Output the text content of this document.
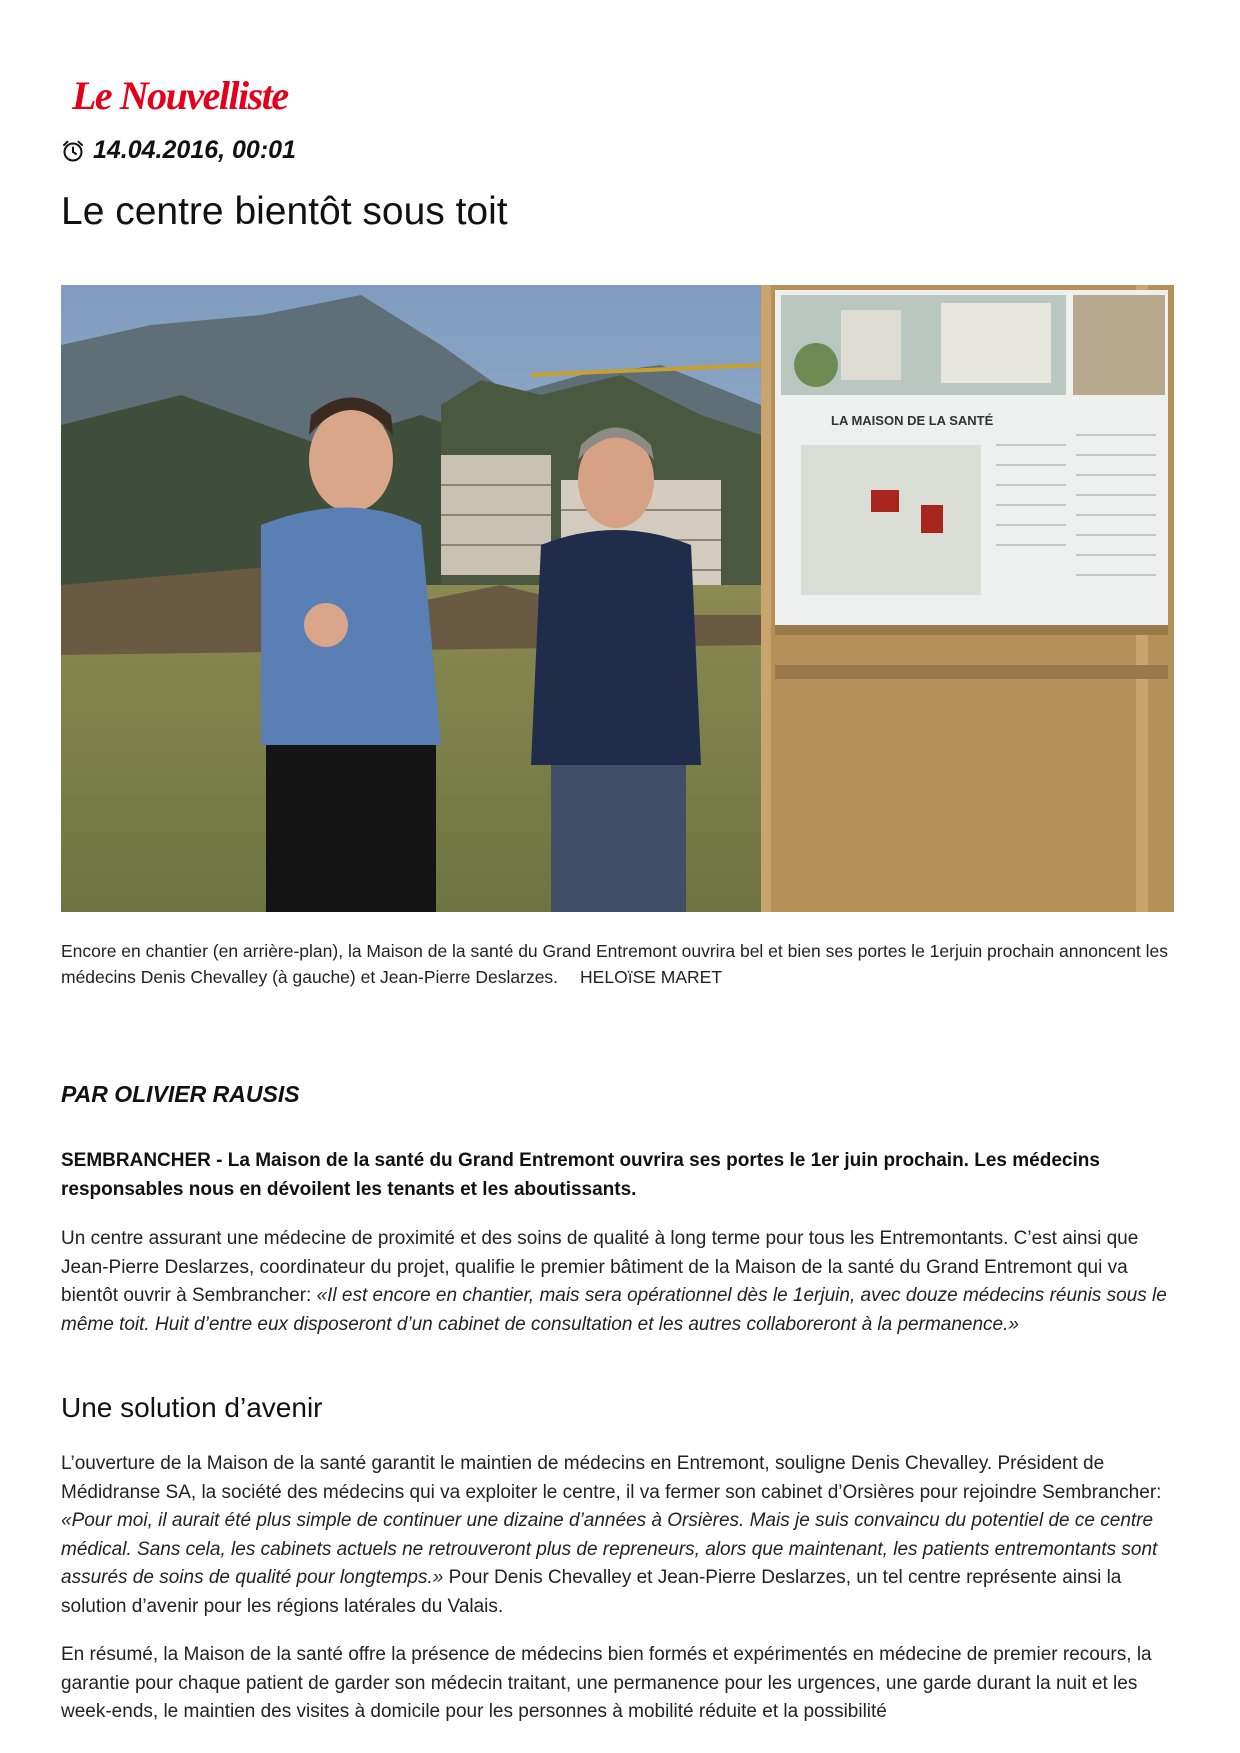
Le Nouvelliste
14.04.2016, 00:01
Le centre bientôt sous toit
LA MAISON DE LA SANTÉ
Encore en chantier (en arrière-plan), la Maison de la santé du Grand Entremont ouvrira bel et bien ses portes le 1erjuin prochain annoncent les médecins Denis Chevalley (à gauche) et Jean-Pierre Deslarzes. HELOïSE MARET
PAR OLIVIER RAUSIS
SEMBRANCHER - La Maison de la santé du Grand Entremont ouvrira ses portes le 1er juin prochain. Les médecins responsables nous en dévoilent les tenants et les aboutissants.

Un centre assurant une médecine de proximité et des soins de qualité à long terme pour tous les Entremontants. C’est ainsi que Jean-Pierre Deslarzes, coordinateur du projet, qualifie le premier bâtiment de la Maison de la santé du Grand Entremont qui va bientôt ouvrir à Sembrancher: «Il est encore en chantier, mais sera opérationnel dès le 1erjuin, avec douze médecins réunis sous le même toit. Huit d’entre eux disposeront d’un cabinet de consultation et les autres collaboreront à la permanence.»

Une solution d’avenir

L’ouverture de la Maison de la santé garantit le maintien de médecins en Entremont, souligne Denis Chevalley. Président de Médidranse SA, la société des médecins qui va exploiter le centre, il va fermer son cabinet d’Orsières pour rejoindre Sembrancher: «Pour moi, il aurait été plus simple de continuer une dizaine d’années à Orsières. Mais je suis convaincu du potentiel de ce centre médical. Sans cela, les cabinets actuels ne retrouveront plus de repreneurs, alors que maintenant, les patients entremontants sont assurés de soins de qualité pour longtemps.» Pour Denis Chevalley et Jean-Pierre Deslarzes, un tel centre représente ainsi la solution d’avenir pour les régions latérales du Valais.

En résumé, la Maison de la santé offre la présence de médecins bien formés et expérimentés en médecine de premier recours, la garantie pour chaque patient de garder son médecin traitant, une permanence pour les urgences, une garde durant la nuit et les week-ends, le maintien des visites à domicile pour les personnes à mobilité réduite et la possibilité
